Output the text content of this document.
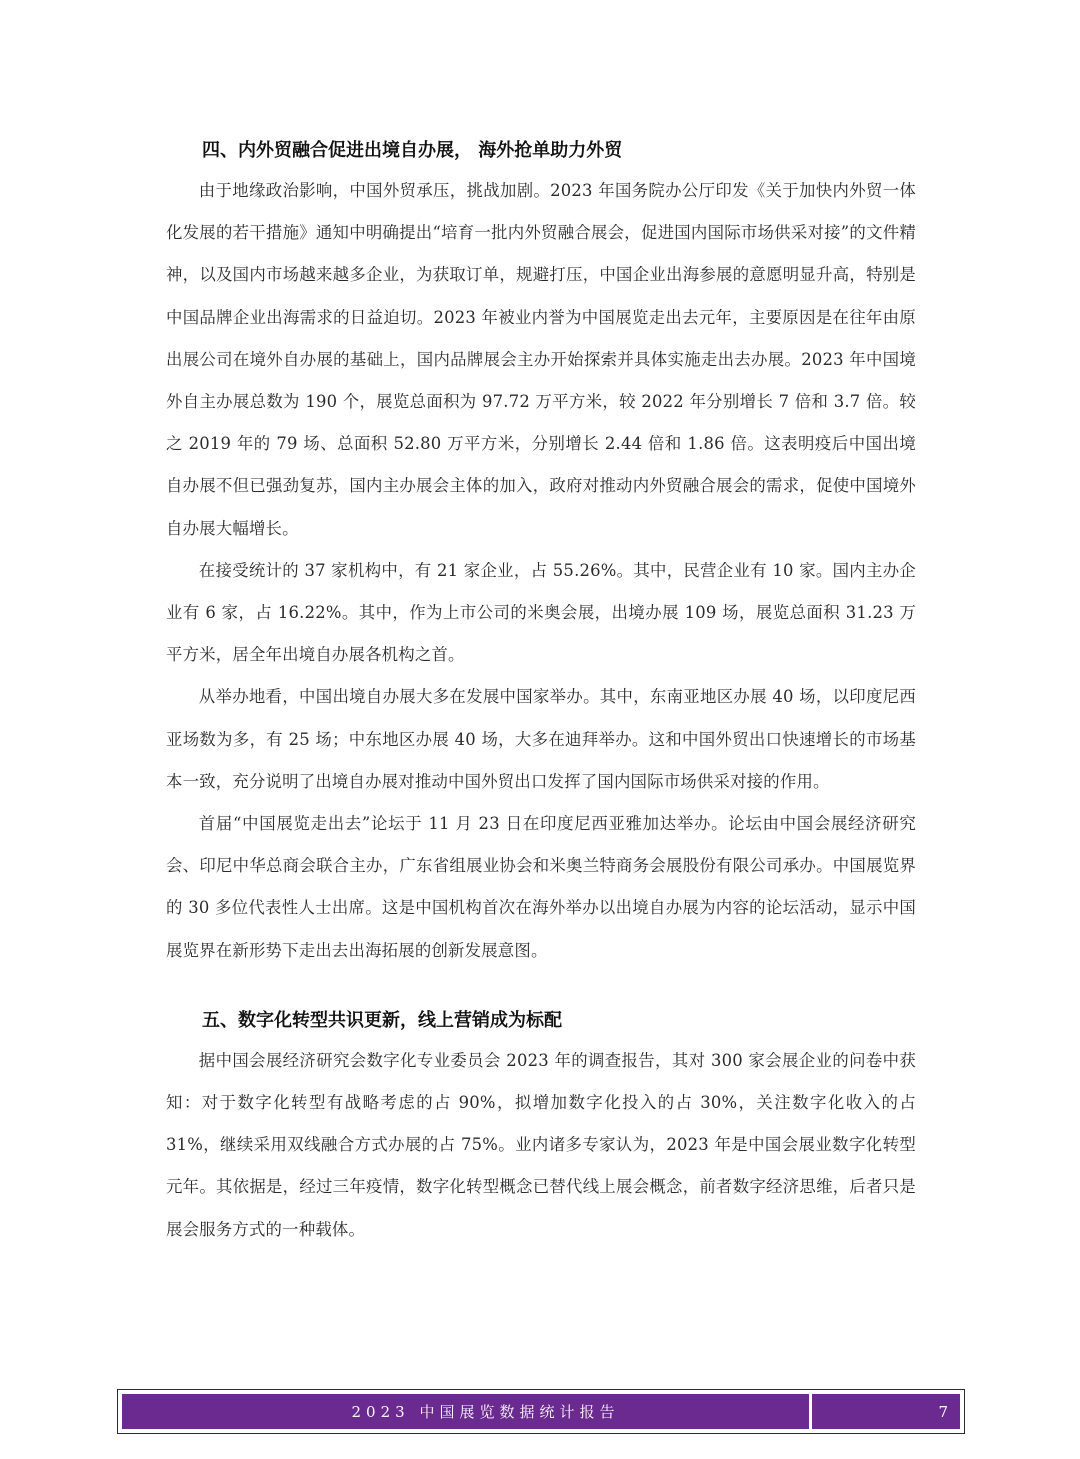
四、内外贸融合促进出境自办展， 海外抢单助力外贸

由于地缘政治影响，中国外贸承压，挑战加剧。2023 年国务院办公厅印发《关于加快内外贸一体化发展的若干措施》通知中明确提出“培育一批内外贸融合展会，促进国内国际市场供采对接”的文件精神，以及国内市场越来越多企业，为获取订单，规避打压，中国企业出海参展的意愿明显升高，特别是中国品牌企业出海需求的日益迫切。2023 年被业内誉为中国展览走出去元年，主要原因是在往年由原出展公司在境外自办展的基础上，国内品牌展会主办开始探索并具体实施走出去办展。2023 年中国境外自主办展总数为 190 个，展览总面积为 97.72 万平方米，较 2022 年分别增长 7 倍和 3.7 倍。较之 2019 年的 79 场、总面积 52.80 万平方米，分别增长 2.44 倍和 1.86 倍。这表明疫后中国出境自办展不但已强劲复苏，国内主办展会主体的加入，政府对推动内外贸融合展会的需求，促使中国境外自办展大幅增长。

在接受统计的 37 家机构中，有 21 家企业，占 55.26%。其中，民营企业有 10 家。国内主办企业有 6 家，占 16.22%。其中，作为上市公司的米奥会展，出境办展 109 场，展览总面积 31.23 万平方米，居全年出境自办展各机构之首。

从举办地看，中国出境自办展大多在发展中国家举办。其中，东南亚地区办展 40 场，以印度尼西亚场数为多，有 25 场；中东地区办展 40 场，大多在迪拜举办。这和中国外贸出口快速增长的市场基本一致，充分说明了出境自办展对推动中国外贸出口发挥了国内国际市场供采对接的作用。

首届“中国展览走出去”论坛于 11 月 23 日在印度尼西亚雅加达举办。论坛由中国会展经济研究会、印尼中华总商会联合主办，广东省组展业协会和米奥兰特商务会展股份有限公司承办。中国展览界的 30 多位代表性人士出席。这是中国机构首次在海外举办以出境自办展为内容的论坛活动，显示中国展览界在新形势下走出去出海拓展的创新发展意图。

五、数字化转型共识更新，线上营销成为标配

据中国会展经济研究会数字化专业委员会 2023 年的调查报告，其对 300 家会展企业的问卷中获知：对于数字化转型有战略考虑的占 90%，拟增加数字化投入的占 30%，关注数字化收入的占 31%，继续采用双线融合方式办展的占 75%。业内诸多专家认为，2023 年是中国会展业数字化转型元年。其依据是，经过三年疫情，数字化转型概念已替代线上展会概念，前者数字经济思维，后者只是展会服务方式的一种载体。

2023 中国展览数据统计报告	7
